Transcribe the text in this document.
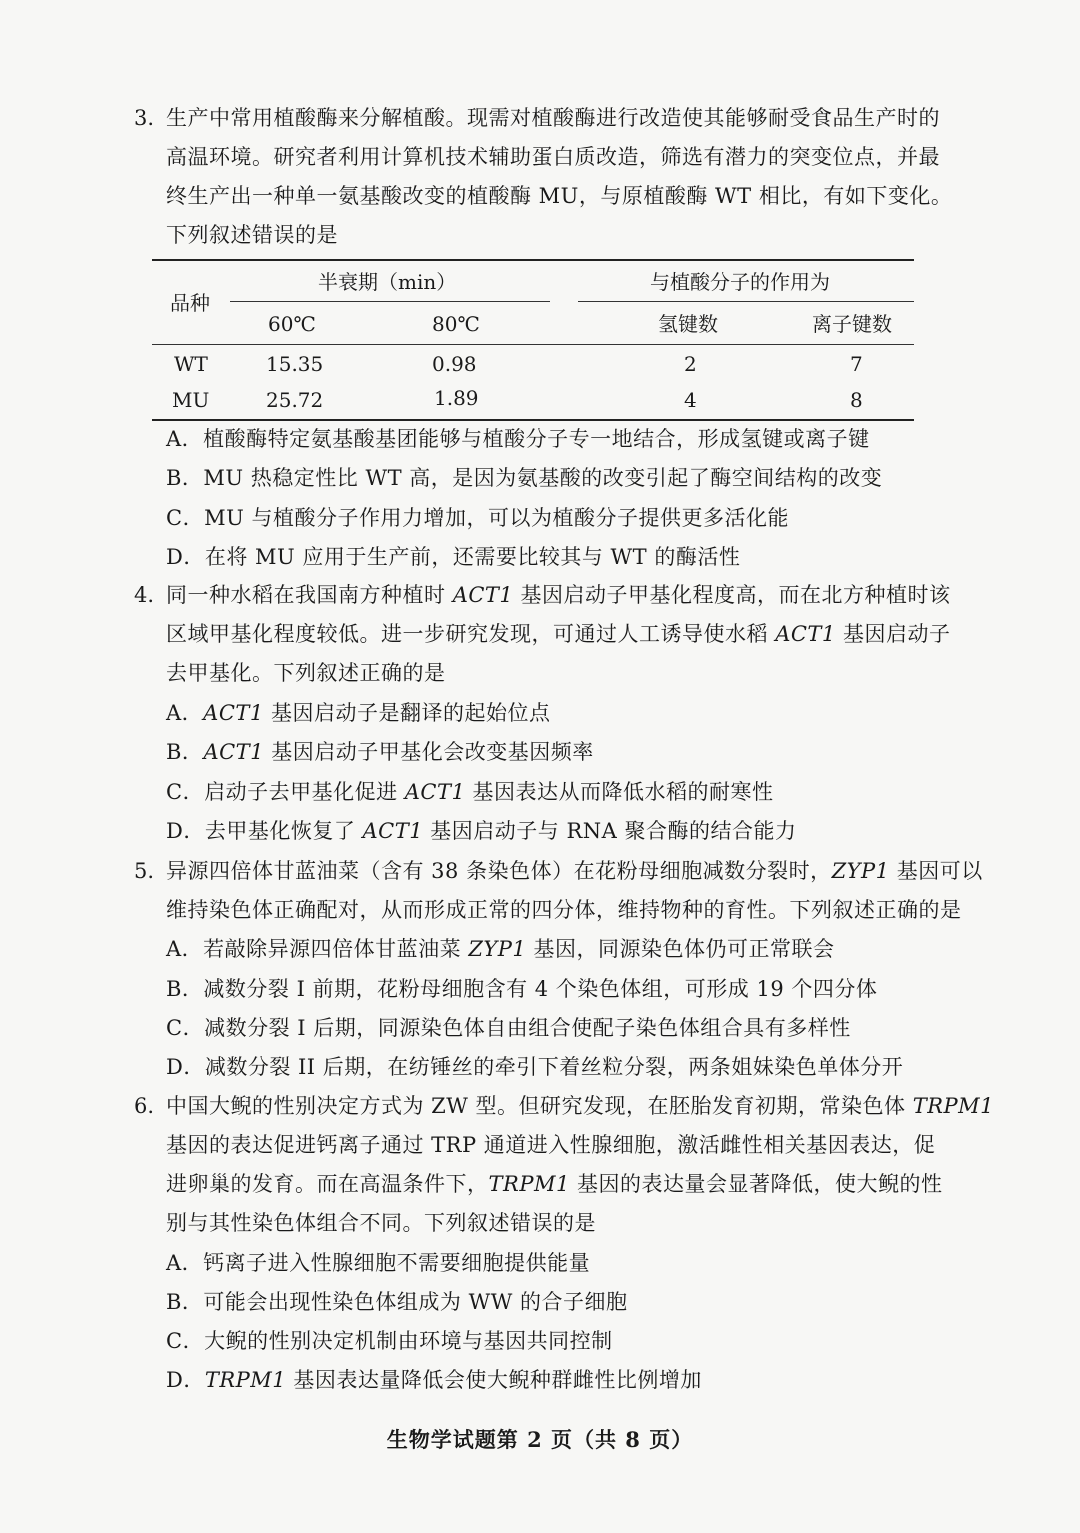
3. 生产中常用植酸酶来分解植酸。现需对植酸酶进行改造使其能够耐受食品生产时的
高温环境。研究者利用计算机技术辅助蛋白质改造，筛选有潜力的突变位点，并最
终生产出一种单一氨基酸改变的植酸酶 MU，与原植酸酶 WT 相比，有如下变化。
下列叙述错误的是
品种
半衰期（min）	与植酸分子的作用为
60℃	80℃	氢键数	离子键数
WT	15.35	0.98	2	7
MU	25.72	1.89	4	8
A．植酸酶特定氨基酸基团能够与植酸分子专一地结合，形成氢键或离子键
B．MU 热稳定性比 WT 高，是因为氨基酸的改变引起了酶空间结构的改变
C．MU 与植酸分子作用力增加，可以为植酸分子提供更多活化能
D．在将 MU 应用于生产前，还需要比较其与 WT 的酶活性
4. 同一种水稻在我国南方种植时 ACT1 基因启动子甲基化程度高，而在北方种植时该
区域甲基化程度较低。进一步研究发现，可通过人工诱导使水稻 ACT1 基因启动子
去甲基化。下列叙述正确的是
A．ACT1 基因启动子是翻译的起始位点
B．ACT1 基因启动子甲基化会改变基因频率
C．启动子去甲基化促进 ACT1 基因表达从而降低水稻的耐寒性
D．去甲基化恢复了 ACT1 基因启动子与 RNA 聚合酶的结合能力
5. 异源四倍体甘蓝油菜（含有 38 条染色体）在花粉母细胞减数分裂时，ZYP1 基因可以
维持染色体正确配对，从而形成正常的四分体，维持物种的育性。下列叙述正确的是
A．若敲除异源四倍体甘蓝油菜 ZYP1 基因，同源染色体仍可正常联会
B．减数分裂 I 前期，花粉母细胞含有 4 个染色体组，可形成 19 个四分体
C．减数分裂 I 后期，同源染色体自由组合使配子染色体组合具有多样性
D．减数分裂 II 后期，在纺锤丝的牵引下着丝粒分裂，两条姐妹染色单体分开
6. 中国大鲵的性别决定方式为 ZW 型。但研究发现，在胚胎发育初期，常染色体 TRPM1
基因的表达促进钙离子通过 TRP 通道进入性腺细胞，激活雌性相关基因表达，促
进卵巢的发育。而在高温条件下，TRPM1 基因的表达量会显著降低，使大鲵的性
别与其性染色体组合不同。下列叙述错误的是
A．钙离子进入性腺细胞不需要细胞提供能量
B．可能会出现性染色体组成为 WW 的合子细胞
C．大鲵的性别决定机制由环境与基因共同控制
D．TRPM1 基因表达量降低会使大鲵种群雌性比例增加
生物学试题第 2 页（共 8 页）
